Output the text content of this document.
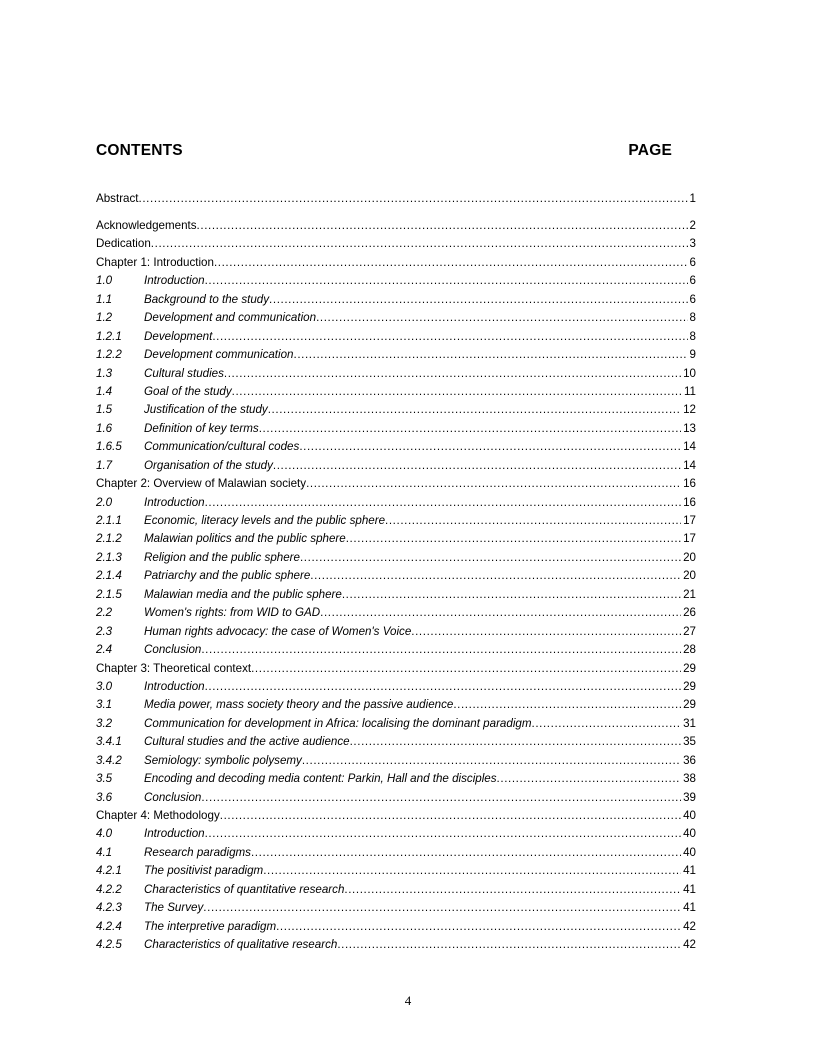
CONTENTS	PAGE
Abstract .....	1
Acknowledgements .....	2
Dedication .....	3
Chapter 1: Introduction .....	6
1.0	Introduction .....	6
1.1	Background to the study .....	6
1.2	Development and communication .....	8
1.2.1	Development .....	8
1.2.2	Development communication .....	9
1.3	Cultural studies .....	10
1.4	Goal of the study .....	11
1.5	Justification of the study .....	12
1.6	Definition of key terms .....	13
1.6.5	Communication/cultural codes .....	14
1.7	Organisation of the study .....	14
Chapter 2: Overview of Malawian society .....	16
2.0	Introduction .....	16
2.1.1	Economic, literacy levels and the public sphere .....	17
2.1.2	Malawian politics and the public sphere .....	17
2.1.3	Religion and the public sphere .....	20
2.1.4	Patriarchy and the public sphere .....	20
2.1.5	Malawian media and the public sphere .....	21
2.2	Women's rights: from WID to GAD .....	26
2.3	Human rights advocacy: the case of Women's Voice .....	27
2.4	Conclusion .....	28
Chapter 3: Theoretical context .....	29
3.0	Introduction .....	29
3.1	Media power, mass society theory and the passive audience .....	29
3.2	Communication for development in Africa: localising the dominant paradigm .....	31
3.4.1	Cultural studies and the active audience .....	35
3.4.2	Semiology: symbolic polysemy .....	36
3.5	Encoding and decoding media content: Parkin, Hall and the disciples .....	38
3.6	Conclusion .....	39
Chapter 4: Methodology .....	40
4.0	Introduction .....	40
4.1	Research paradigms .....	40
4.2.1	The positivist paradigm .....	41
4.2.2	Characteristics of quantitative research .....	41
4.2.3	The Survey .....	41
4.2.4	The interpretive paradigm .....	42
4.2.5	Characteristics of qualitative research .....	42
4
